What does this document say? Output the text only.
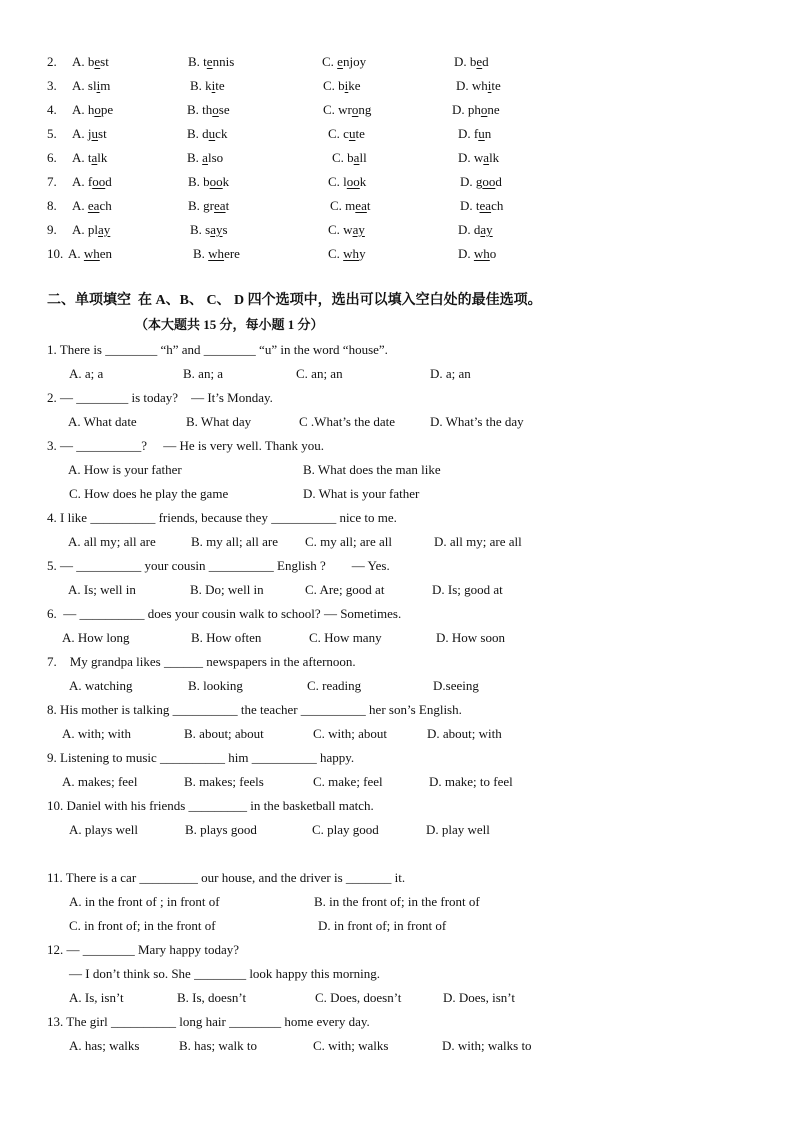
2. A. best	B. tennis	C. enjoy	D. bed
3. A. slim	B. kite	C. bike	D. white
4. A. hope	B. those	C. wrong	D. phone
5. A. just	B. duck	C. cute	D. fun
6. A. talk	B. also	C. ball	D. walk
7. A. food	B. book	C. look	D. good
8. A. each	B. great	C. meat	D. teach
9. A. play	B. says	C. way	D. day
10. A. when	B. where	C. why	D. who
二、单项填空  在 A、B、 C、 D 四个选项中，选出可以填入空白处的最佳选项。
（本大题共 15 分，每小题 1 分）
1. There is ________ “h” and ________ “u” in the word “house”.
A. a; a	B. an; a	C. an; an	D. a; an
2. — ________ is today?    — It’s Monday.
A. What date	B. What day	C .What’s the date	D. What’s the day
3. — __________?     — He is very well. Thank you.
A. How is your father	B. What does the man like
C. How does he play the game	D. What is your father
4. I like __________ friends, because they __________ nice to me.
A. all my; all are	B. my all; all are C. my all; are all	D. all my; are all
5. — __________ your cousin __________ English ?        — Yes.
A. Is; well in	B. Do; well in	C. Are; good at	D. Is; good at
6.  — __________ does your cousin walk to school? — Sometimes.
A. How long	B. How often	C. How many	D. How soon
7.    My grandpa likes ______ newspapers in the afternoon.
A. watching	B. looking	C. reading	D.seeing
8. His mother is talking __________ the teacher __________ her son’s English.
A. with; with	B. about; about	C. with; about	D. about; with
9. Listening to music __________ him __________ happy.
A. makes; feel	B. makes; feels	C. make; feel	D. make; to feel
10. Daniel with his friends _________ in the basketball match.
A. plays well	B. plays good	C. play good	D. play well
11. There is a car _________ our house, and the driver is _______ it.
A. in the front of ; in front of	B. in the front of; in the front of
C. in front of; in the front of	D. in front of; in front of
12. — ________ Mary happy today?
— I don’t think so. She ________ look happy this morning.
A. Is, isn’t	B. Is, doesn’t	C. Does, doesn’t	D. Does, isn’t
13. The girl __________ long hair ________ home every day.
A. has; walks	B. has; walk to	C. with; walks	D. with; walks to
